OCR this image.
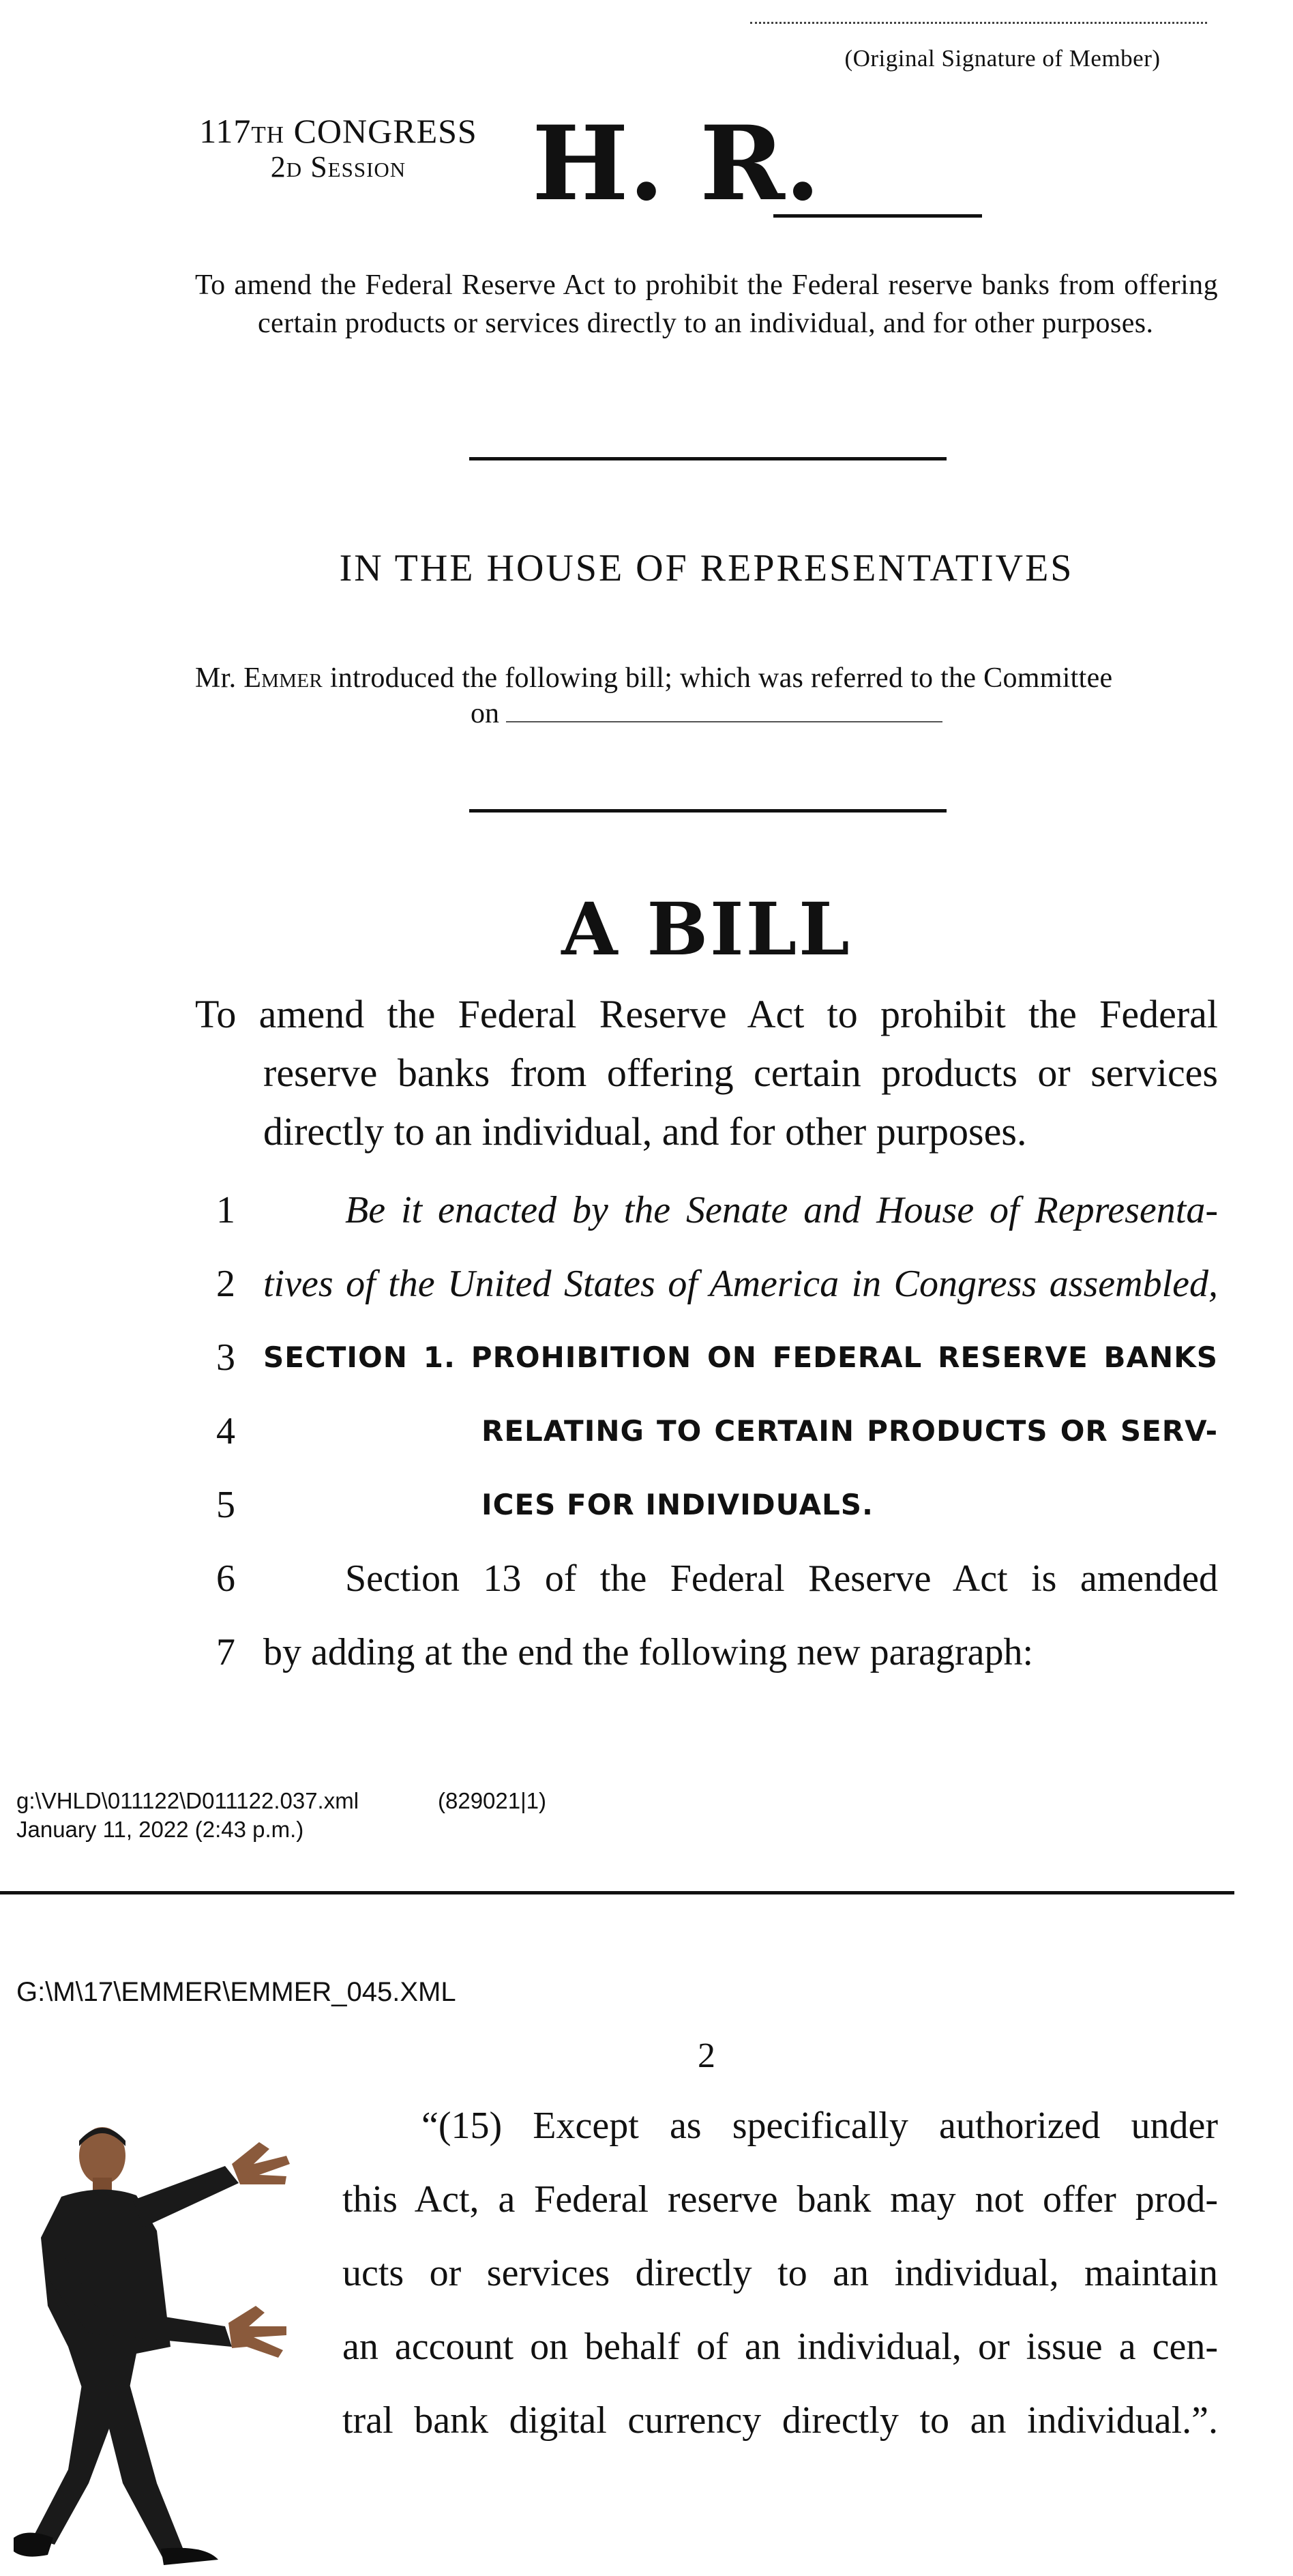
(Original Signature of Member)
117th CONGRESS
2d Session	H. R.
To amend the Federal Reserve Act to prohibit the Federal reserve banks from offering certain products or services directly to an individual, and for other purposes.
IN THE HOUSE OF REPRESENTATIVES
Mr. Emmer introduced the following bill; which was referred to the Committee
on
A BILL
To amend the Federal Reserve Act to prohibit the Federal reserve banks from offering certain products or services directly to an individual, and for other purposes.
1	Be it enacted by the Senate and House of Representa-
2 tives of the United States of America in Congress assembled,
3 SECTION 1. PROHIBITION ON FEDERAL RESERVE BANKS
4	RELATING TO CERTAIN PRODUCTS OR SERV-
5	ICES FOR INDIVIDUALS.
6	Section 13 of the Federal Reserve Act is amended
7 by adding at the end the following new paragraph:
g:\VHLD\011122\D011122.037.xml	(829021|1)
January 11, 2022 (2:43 p.m.)
G:\M\17\EMMER\EMMER_045.XML
2
“(15) Except as specifically authorized under
this Act, a Federal reserve bank may not offer prod-
ucts or services directly to an individual, maintain
an account on behalf of an individual, or issue a cen-
tral bank digital currency directly to an individual.”.
